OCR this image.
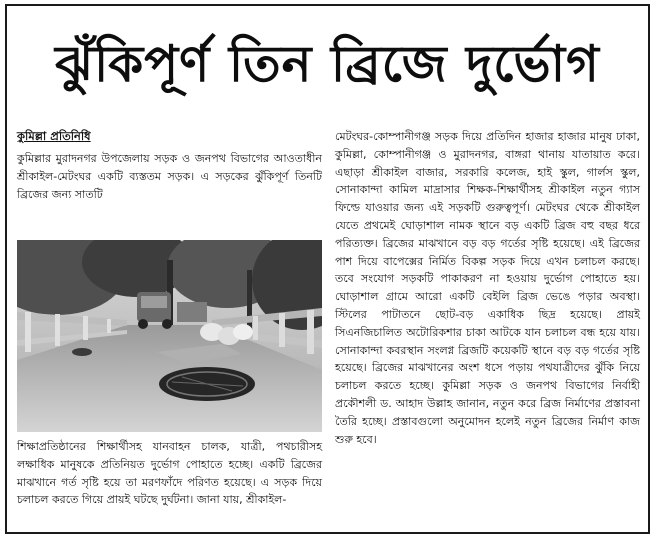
ঝুঁকিপূর্ণ তিন ব্রিজে দুর্ভোগ
কুমিল্লা প্রতিনিধি

কুমিল্লার মুরাদনগর উপজেলায় সড়ক ও জনপথ বিভাগের আওতাধীন শ্রীকাইল-মেটংঘর একটি ব্যস্ততম সড়ক। এ সড়কের ঝুঁকিপূর্ণ তিনটি ব্রিজের জন্য সাতটি

শিক্ষাপ্রতিষ্ঠানের শিক্ষার্থীসহ যানবাহন চালক, যাত্রী, পথচারীসহ লক্ষাধিক মানুষকে প্রতিনিয়ত দুর্ভোগ পোহাতে হচ্ছে। একটি ব্রিজের মাঝখানে গর্ত সৃষ্টি হয়ে তা মরণফাঁদে পরিণত হয়েছে। এ সড়ক দিয়ে চলাচল করতে গিয়ে প্রায়ই ঘটছে দুর্ঘটনা। জানা যায়, শ্রীকাইল-

মেটংঘর-কোম্পানীগঞ্জ সড়ক দিয়ে প্রতিদিন হাজার হাজার মানুষ ঢাকা, কুমিল্লা, কোম্পানীগঞ্জ ও মুরাদনগর, বাঙ্গরা থানায় যাতায়াত করে। এছাড়া শ্রীকাইল বাজার, সরকারি কলেজ, হাই স্কুল, গার্লস স্কুল, সোনাকান্দা কামিল মাদ্রাসার শিক্ষক-শিক্ষার্থীসহ শ্রীকাইল নতুন গ্যাস ফিল্ডে যাওয়ার জন্য এই সড়কটি গুরুত্বপূর্ণ। মেটংঘর থেকে শ্রীকাইল যেতে প্রথমেই ঘোড়াশাল নামক স্থানে বড় একটি ব্রিজ বহু বছর ধরে পরিত্যক্ত। ব্রিজের মাঝখানে বড় বড় গর্তের সৃষ্টি হয়েছে। এই ব্রিজের পাশ দিয়ে বাপেক্সের নির্মিত বিকল্প সড়ক দিয়ে এখন চলাচল করছে। তবে সংযোগ সড়কটি পাকাকরণ না হওয়ায় দুর্ভোগ পোহাতে হয়। ঘোড়াশাল গ্রামে আরো একটি বেইলি ব্রিজ ভেঙে পড়ার অবস্থা। স্টিলের পাটাতনে ছোট-বড় একাধিক ছিদ্র হয়েছে। প্রায়ই সিএনজিচালিত অটোরিকশার চাকা আটকে যান চলাচল বন্ধ হয়ে যায়। সোনাকান্দা কবরস্থান সংলগ্ন ব্রিজটি কয়েকটি স্থানে বড় বড় গর্তের সৃষ্টি হয়েছে। ব্রিজের মাঝখানের অংশ ধসে পড়ায় পথযাত্রীদের ঝুঁকি নিয়ে চলাচল করতে হচ্ছে। কুমিল্লা সড়ক ও জনপথ বিভাগের নির্বাহী প্রকৌশলী ড. আহাদ উল্লাহ জানান, নতুন করে ব্রিজ নির্মাণের প্রস্তাবনা তৈরি হচ্ছে। প্রস্তাবগুলো অনুমোদন হলেই নতুন ব্রিজের নির্মাণ কাজ শুরু হবে।
